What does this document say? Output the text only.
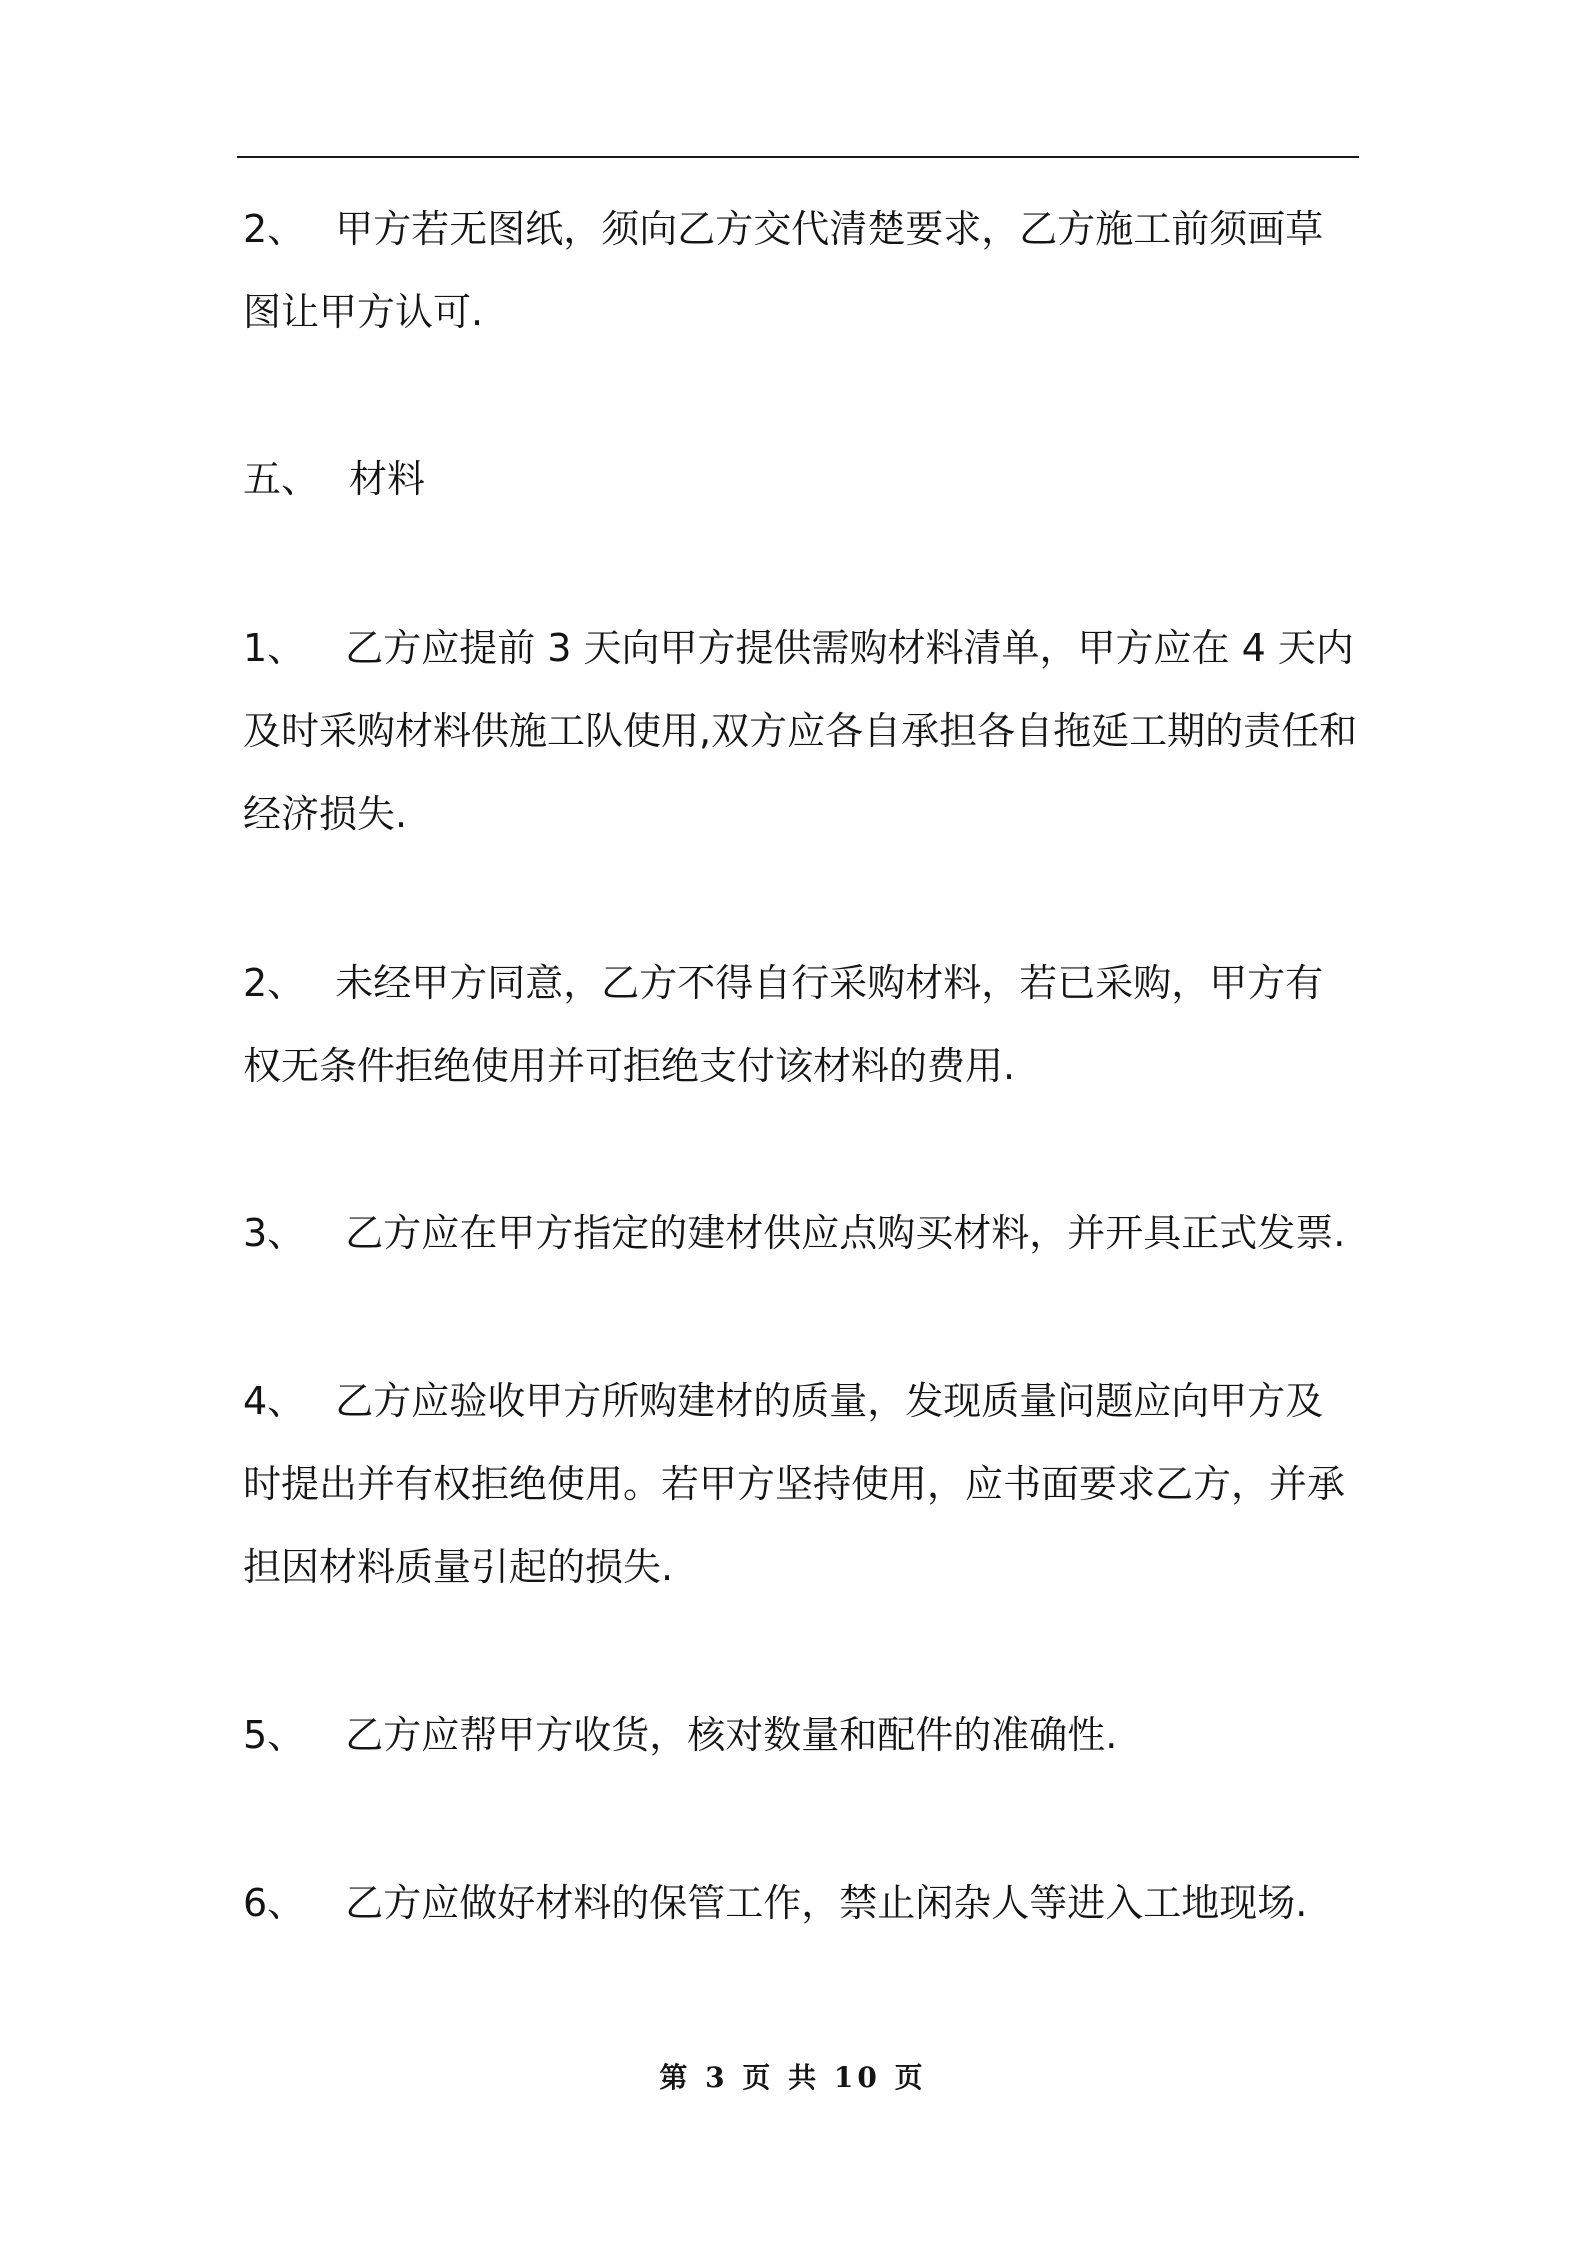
2、 甲方若无图纸，须向乙方交代清楚要求，乙方施工前须画草图让甲方认可.

五、 材料

1、 乙方应提前 3 天向甲方提供需购材料清单，甲方应在 4 天内及时采购材料供施工队使用,双方应各自承担各自拖延工期的责任和经济损失.

2、 未经甲方同意，乙方不得自行采购材料，若已采购，甲方有权无条件拒绝使用并可拒绝支付该材料的费用.

3、 乙方应在甲方指定的建材供应点购买材料，并开具正式发票.

4、 乙方应验收甲方所购建材的质量，发现质量问题应向甲方及时提出并有权拒绝使用。若甲方坚持使用，应书面要求乙方，并承担因材料质量引起的损失.

5、 乙方应帮甲方收货，核对数量和配件的准确性.

6、 乙方应做好材料的保管工作，禁止闲杂人等进入工地现场.

第 3 页 共 10 页
